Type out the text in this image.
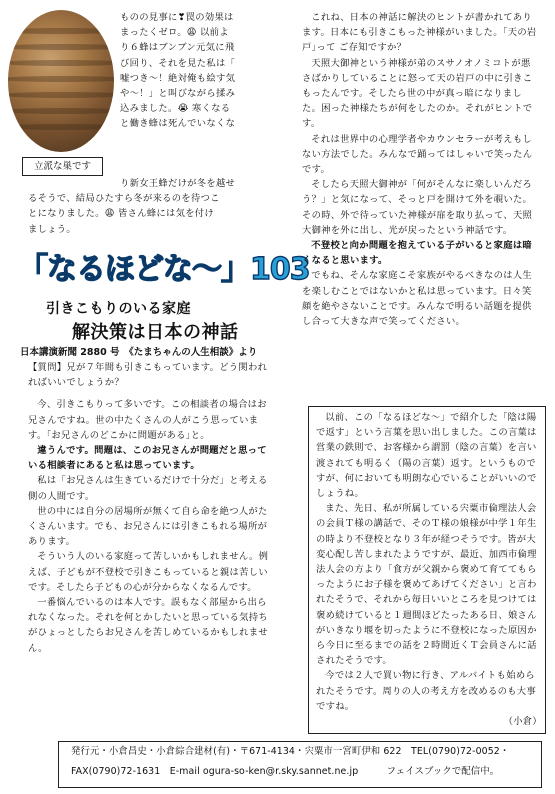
立派な巣です
ものの見事に❣罠の効果は
まったくゼロ。😩 以前よ
り６蜂はブンブン元気に飛
び回り、それを見た私は「
嘘つき〜！絶対俺も絵す気
や〜！」と叫びながら揉み
込みました。😭 寒くなる
と働き蜂は死んでいなくな
り新女王蜂だけが冬を越せ
るそうで、結局ひたすら冬が来るのを待つこ
とになりました。😩 皆さん蜂には気を付け
ましょう。
「なるほどな〜」103
引きこもりのいる家庭
解決策は日本の神話
日本講演新聞 2880 号　《たまちゃんの人生相談》より

【質問】兄が７年間も引きこもっています。どう関われればいいでしょうか？

今、引きこもりって多いです。この相談者の場合はお兄さんですね。世の中たくさんの人がこう思っています。｢お兄さんのどこかに問題がある｣と。

違うんです。問題は、このお兄さんが問題だと思っている相談者にあると私は思っています。

私は「お兄さんは生きているだけで十分だ」と考える側の人間です。

世の中には自分の居場所が無くて自ら命を絶つ人がたくさんいます。でも、お兄さんには引きこもれる場所があります。

そういう人のいる家庭って苦しいかもしれません。例えば、子どもが不登校で引きこもっていると親は苦しいです。そしたら子どもの心が分からなくなるんです。

一番悩んでいるのは本人です。誤もなく部屋から出られなくなった。それを何とかしたいと思っている気持ちがひょっとしたらお兄さんを苦しめているかもしれません。

これね、日本の神話に解決のヒントが書かれてあります。日本にも引きこもった神様がいました。｢天の岩戸｣って ご存知ですか？

天照大御神という神様が弟のスサノオノミコトが悪さばかりしていることに怒って天の岩戸の中に引きこもったんです。そしたら世の中が真っ暗になりました。困った神様たちが何をしたのか。それがヒントです。

それは世界中の心理学者やカウンセラーが考えもしない方法でした。みんなで踊ってはしゃいで笑ったんです。

そしたら天照大御神が「何がそんなに楽しいんだろう？」と気になって、そっと戸を開けて外を覗いた。その時、外で待っていた神様が扉を取り払って、天照大御神を外に出し、光が戻ったという神話です。

不登校と向か問題を抱えている子がいると家庭は暗くなると思います。

でもね、そんな家庭こそ家族がやるべきなのは人生を楽しむことではないかと私は思っています。日々笑顔を絶やさないことです。みんなで明るい話題を提供し合って大きな声で笑ってください。

以前、この「なるほどな〜」で紹介した「陰は陽で返す」という言葉を思い出しました。この言葉は営業の鉄則で、お客様から謂罰（陰の言葉）を言い渡されても明るく（陽の言葉）返す。というものですが、何においても明朗な心でいることがいいのでしょうね。

また、先日、私が所属している宍粟市倫理法人会の会員Ｔ様の講話で、そのＴ様の娘様が中学１年生の時より不登校となり３年が経つそうです。皆が大変心配し苦しまれたようですが、最近、加西市倫理法人会の方より「食方が父親から褒めて育ててもらったようにお子様を褒めてあげてください」と言われたそうで、それから毎日いいところを見つけては褒め続けていると１週間ほどたったある日、娘さんがいきなり堰を切ったように不登校になった原因から今日に至るまでの話を２時間近くＴ会員さんに話されたそうです。

今では２人で買い物に行き、アルバイトも始められたそうです。周りの人の考え方を改めるのも大事ですね。

（小倉）

発行元・小倉昌史・小倉綜合建材(有)・〒671-4134・宍粟市一宮町伊和 622　TEL(0790)72-0052・
FAX(0790)72-1631　E-mail ogura-so-ken@r.sky.sannet.ne.jp　　　フェイスブックで配信中。
